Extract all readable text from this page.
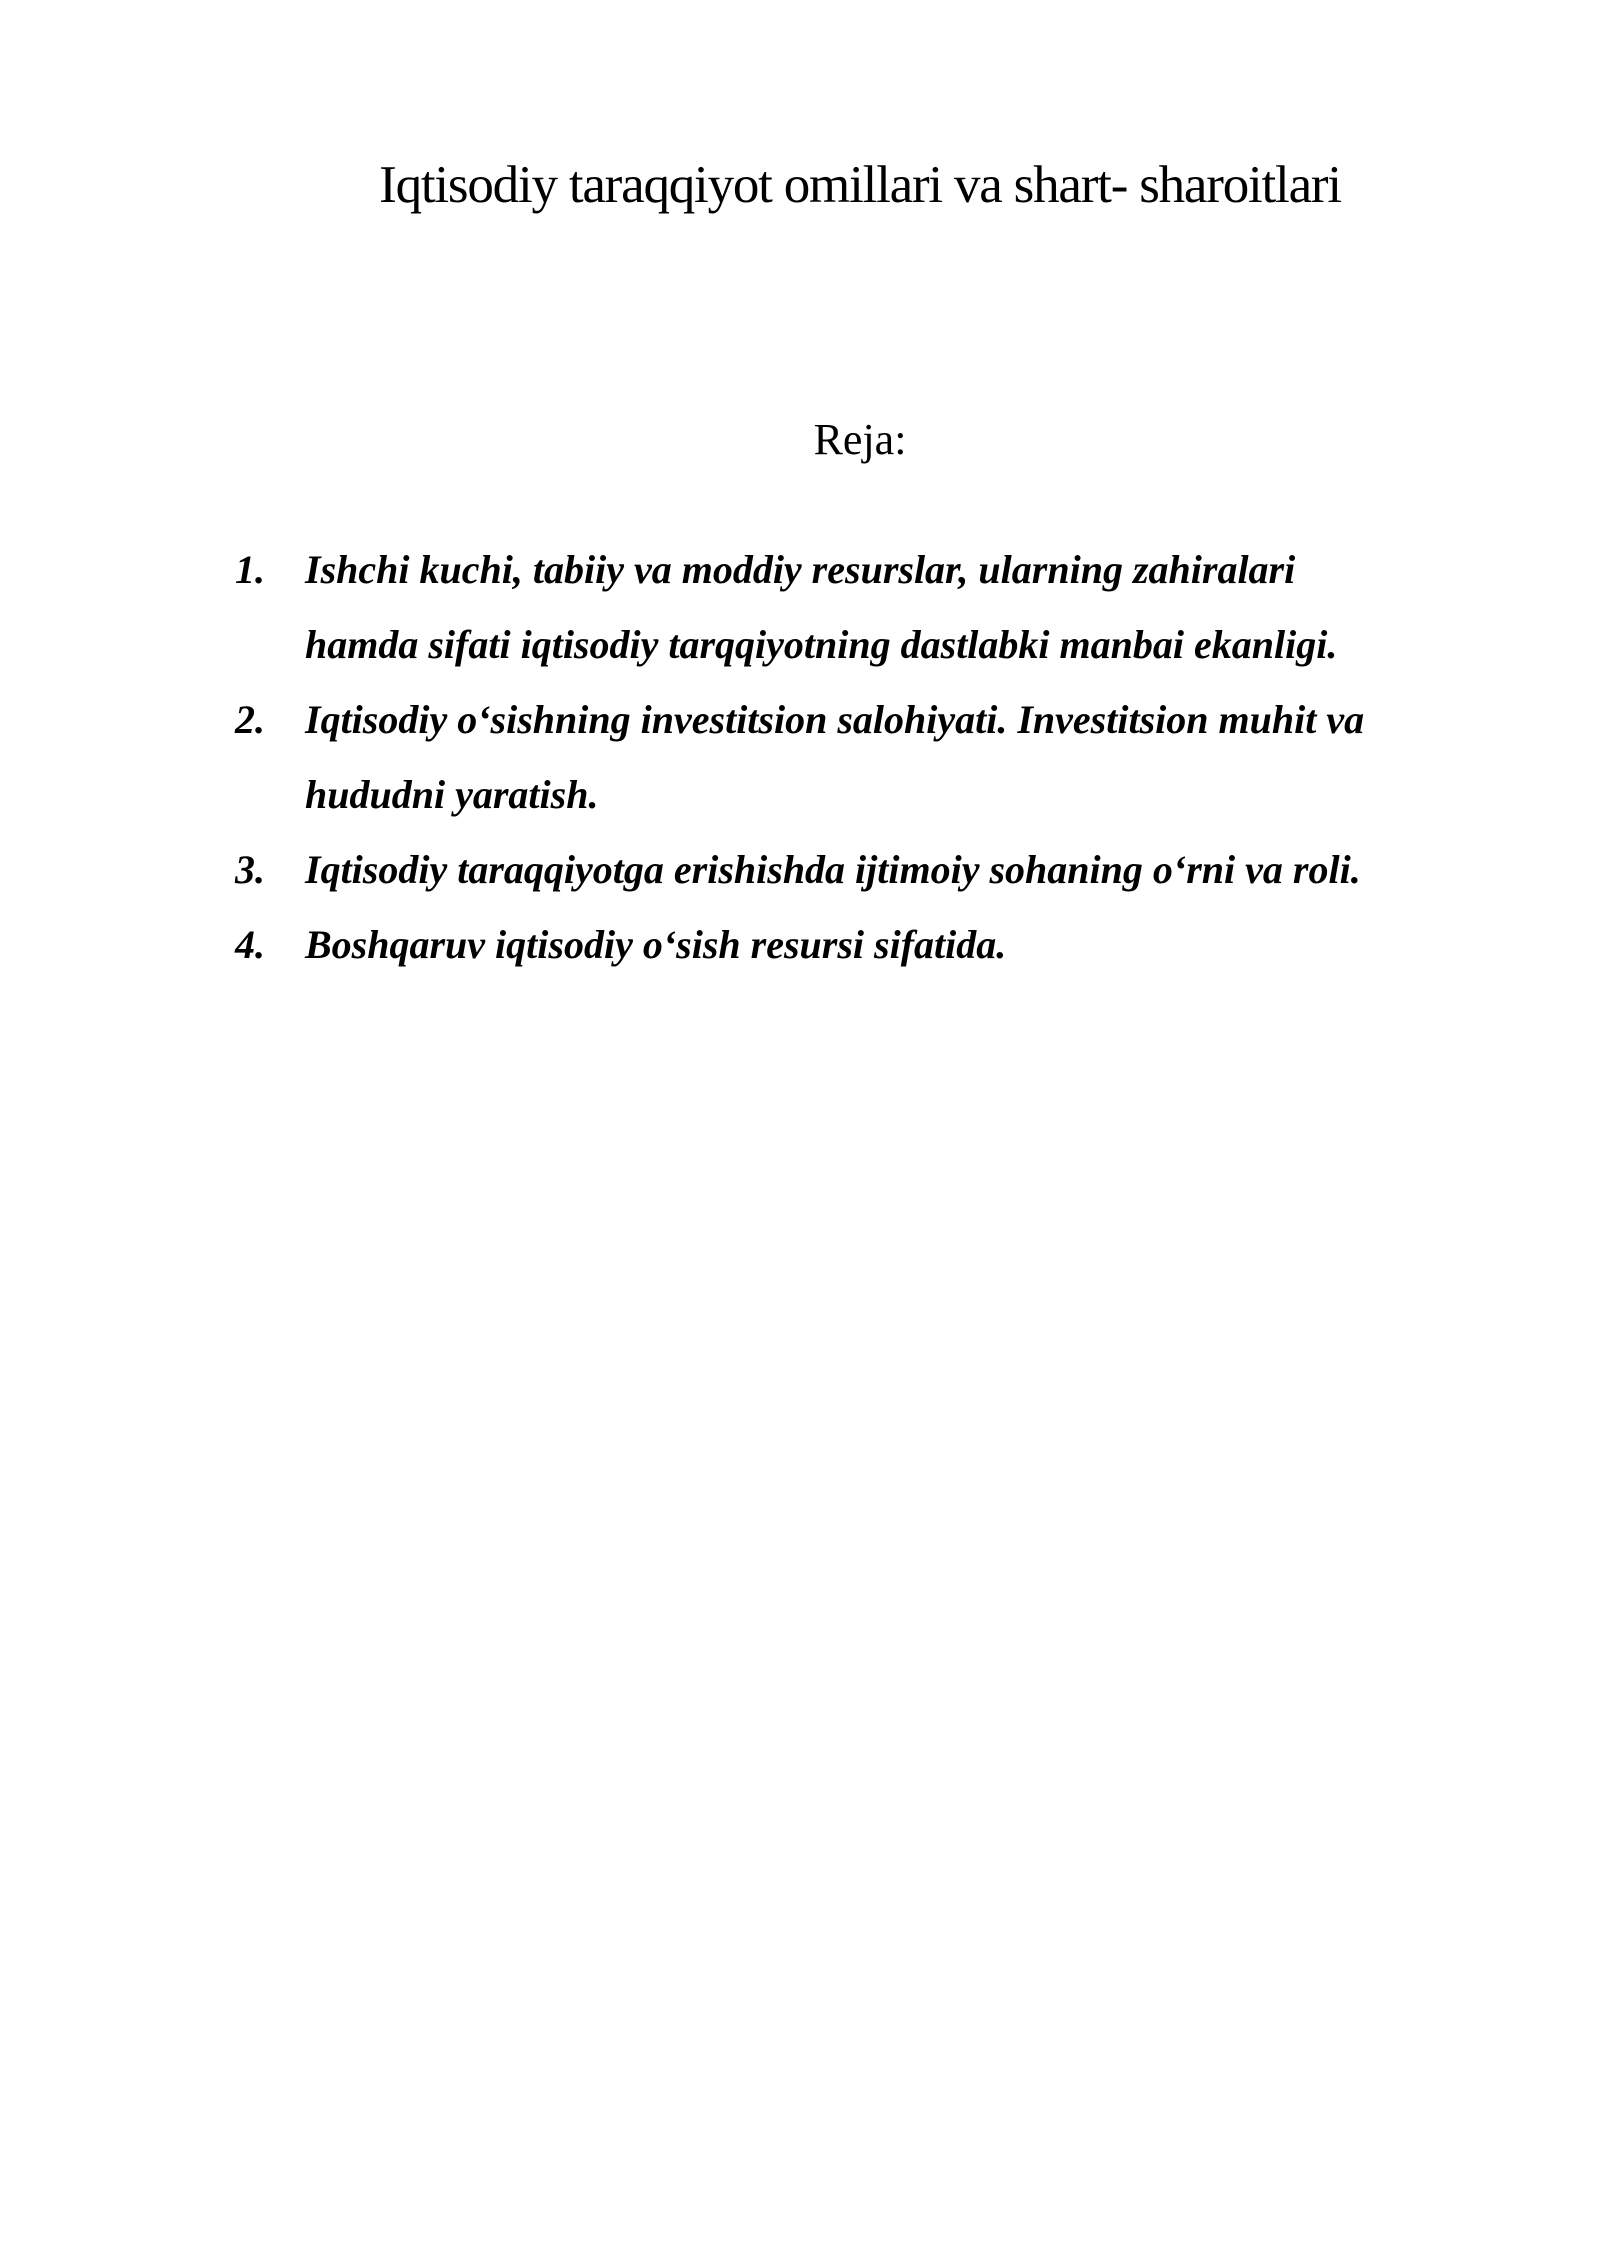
Iqtisodiy taraqqiyot omillari va shart- sharoitlari
Reja:
1. Ishchi kuchi, tabiiy va moddiy resurslar, ularning zahiralari
hamda sifati iqtisodiy tarqqiyotning dastlabki manbai ekanligi.
2. Iqtisodiy o‘sishning investitsion salohiyati. Investitsion muhit va
hududni yaratish.
3. Iqtisodiy taraqqiyotga erishishda ijtimoiy sohaning o‘rni va roli.
4. Boshqaruv iqtisodiy o‘sish resursi sifatida.
